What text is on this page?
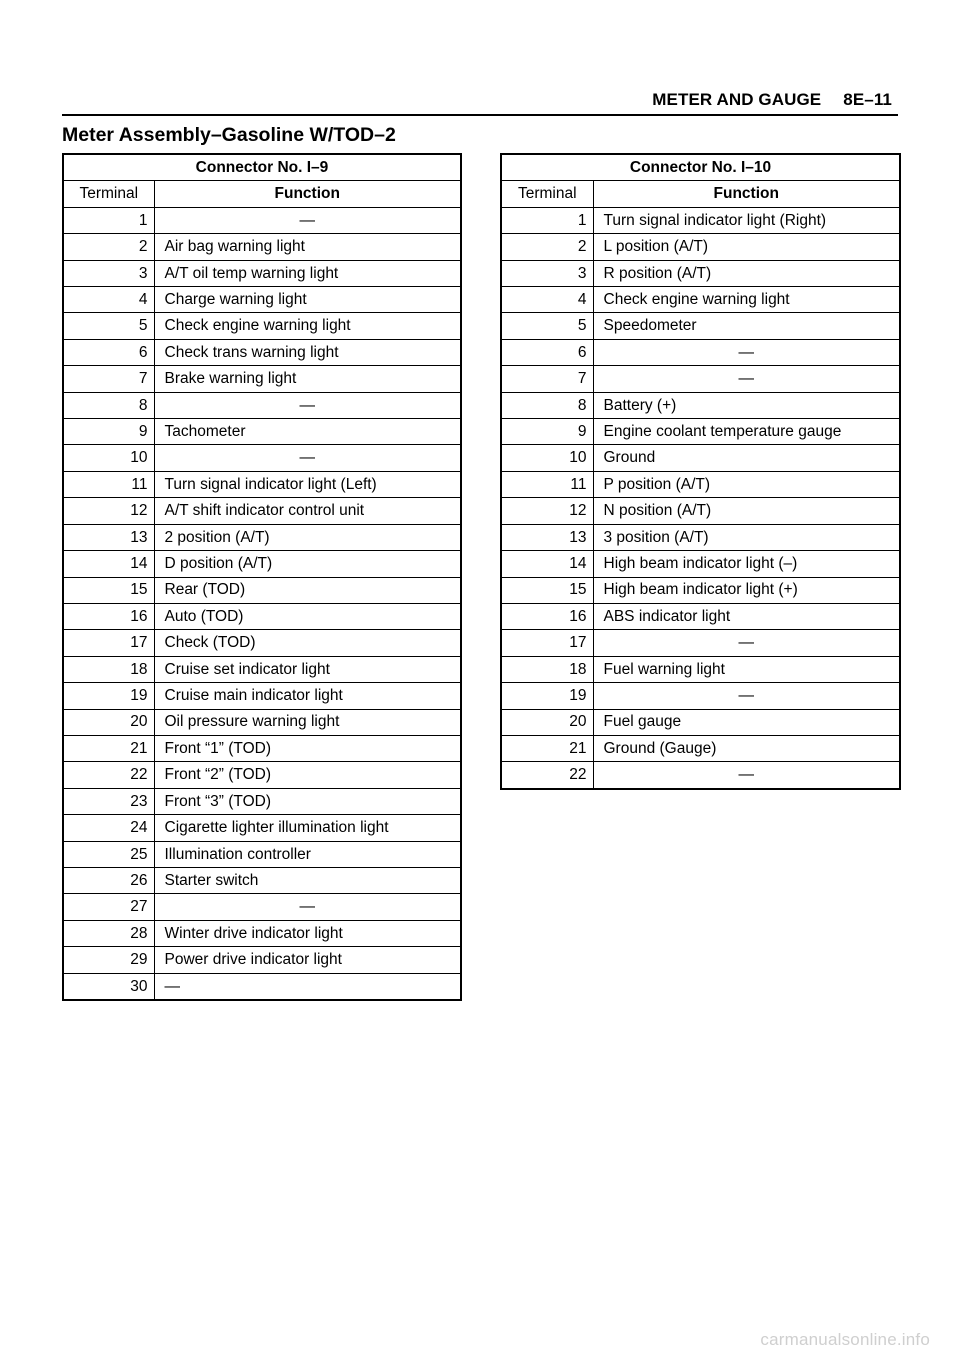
METER AND GAUGE 8E–11
Meter Assembly–Gasoline W/TOD–2
Connector No. I–9	
Terminal	Function
1	—
2	Air bag warning light
3	A/T oil temp warning light
4	Charge warning light
5	Check engine warning light
6	Check trans warning light
7	Brake warning light
8	—
9	Tachometer
10	—
11	Turn signal indicator light (Left)
12	A/T shift indicator control unit
13	2 position (A/T)
14	D position (A/T)
15	Rear (TOD)
16	Auto (TOD)
17	Check (TOD)
18	Cruise set indicator light
19	Cruise main indicator light
20	Oil pressure warning light
21	Front “1” (TOD)
22	Front “2” (TOD)
23	Front “3” (TOD)
24	Cigarette lighter illumination light
25	Illumination controller
26	Starter switch
27	—
28	Winter drive indicator light
29	Power drive indicator light
30	—
Connector No. I–10	
Terminal	Function
1	Turn signal indicator light (Right)
2	L position (A/T)
3	R position (A/T)
4	Check engine warning light
5	Speedometer
6	—
7	—
8	Battery (+)
9	Engine coolant temperature gauge
10	Ground
11	P position (A/T)
12	N position (A/T)
13	3 position (A/T)
14	High beam indicator light (–)
15	High beam indicator light (+)
16	ABS indicator light
17	—
18	Fuel warning light
19	—
20	Fuel gauge
21	Ground (Gauge)
22	—
carmanualsonline.info
